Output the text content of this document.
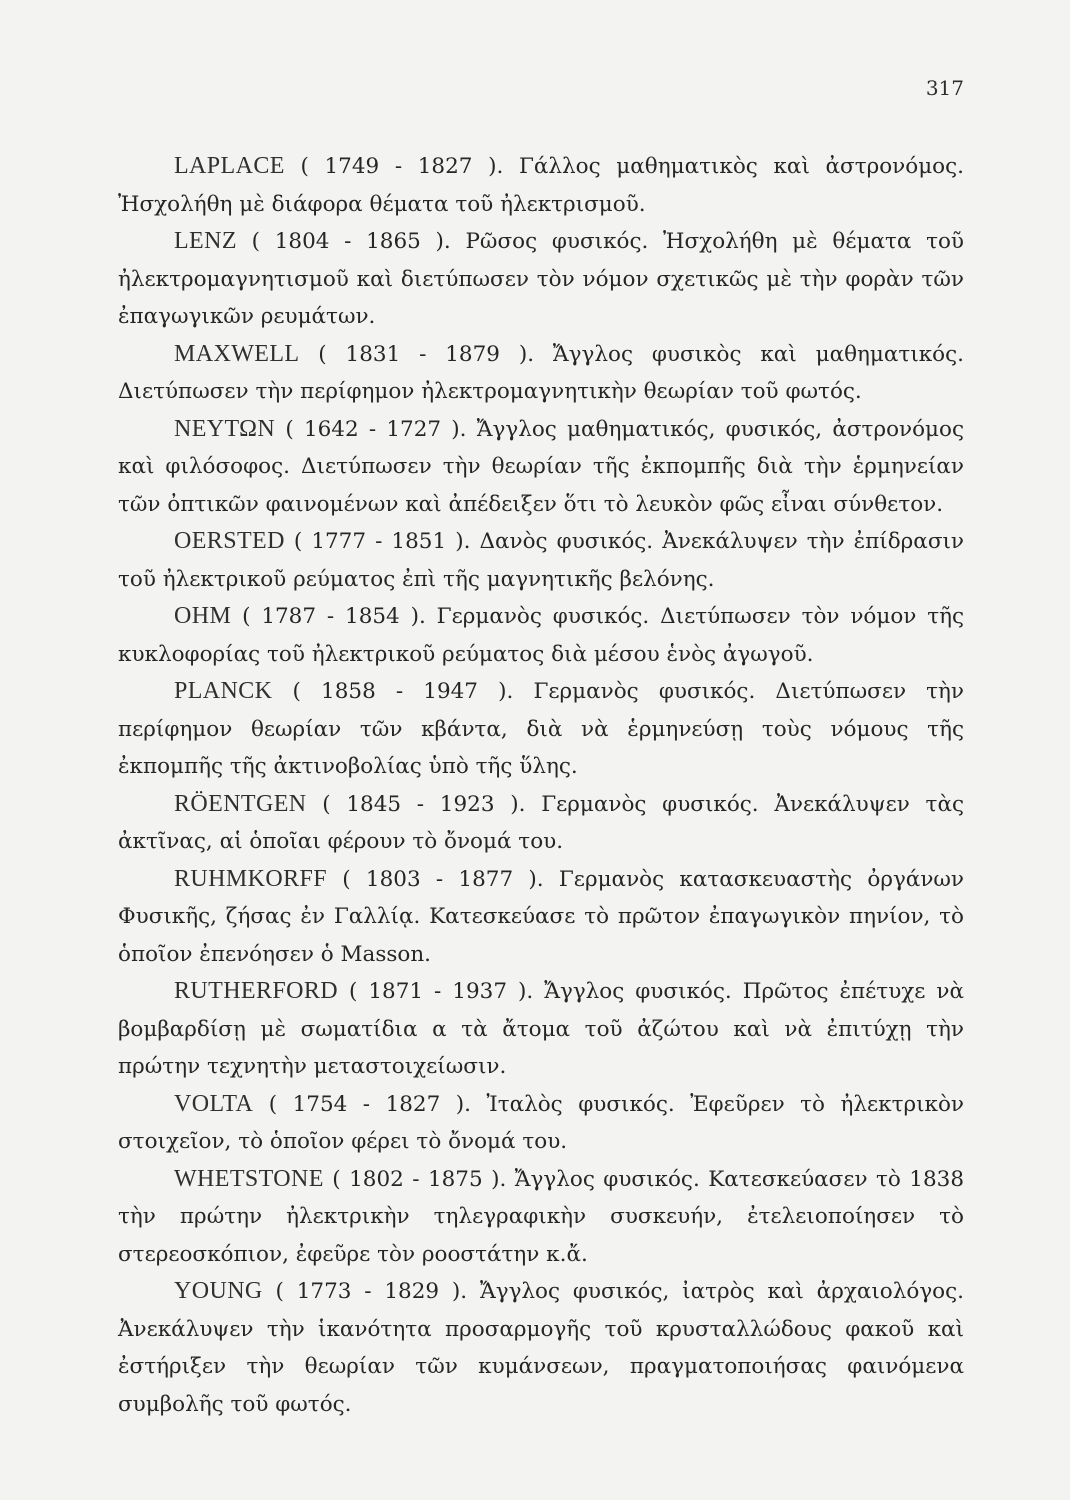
317

LAPLACE ( 1749 - 1827 ). Γάλλος μαθηματικὸς καὶ ἀστρονόμος. Ἠσχολήθη μὲ διάφορα θέματα τοῦ ἠλεκτρισμοῦ.

LENZ ( 1804 - 1865 ). Ρῶσος φυσικός. Ἠσχολήθη μὲ θέματα τοῦ ἠλεκτρομαγνητισμοῦ καὶ διετύπωσεν τὸν νόμον σχετικῶς μὲ τὴν φορὰν τῶν ἐπαγωγικῶν ρευμάτων.

MAXWELL ( 1831 - 1879 ). Ἄγγλος φυσικὸς καὶ μαθηματικός. Διετύπωσεν τὴν περίφημον ἠλεκτρομαγνητικὴν θεωρίαν τοῦ φωτός.

ΝΕΥΤΩΝ ( 1642 - 1727 ). Ἄγγλος μαθηματικός, φυσικός, ἀστρονόμος καὶ φιλόσοφος. Διετύπωσεν τὴν θεωρίαν τῆς ἐκπομπῆς διὰ τὴν ἑρμηνείαν τῶν ὀπτικῶν φαινομένων καὶ ἀπέδειξεν ὅτι τὸ λευκὸν φῶς εἶναι σύνθετον.

OERSTED ( 1777 - 1851 ). Δανὸς φυσικός. Ἀνεκάλυψεν τὴν ἐπίδρασιν τοῦ ἠλεκτρικοῦ ρεύματος ἐπὶ τῆς μαγνητικῆς βελόνης.

OHM ( 1787 - 1854 ). Γερμανὸς φυσικός. Διετύπωσεν τὸν νόμον τῆς κυκλοφορίας τοῦ ἠλεκτρικοῦ ρεύματος διὰ μέσου ἑνὸς ἀγωγοῦ.

PLANCK ( 1858 - 1947 ). Γερμανὸς φυσικός. Διετύπωσεν τὴν περίφημον θεωρίαν τῶν κβάντα, διὰ νὰ ἑρμηνεύσῃ τοὺς νόμους τῆς ἐκπομπῆς τῆς ἀκτινοβολίας ὑπὸ τῆς ὕλης.

RÖENTGEN ( 1845 - 1923 ). Γερμανὸς φυσικός. Ἀνεκάλυψεν τὰς ἀκτῖνας, αἱ ὁποῖαι φέρουν τὸ ὄνομά του.

RUHMKORFF ( 1803 - 1877 ). Γερμανὸς κατασκευαστὴς ὀργάνων Φυσικῆς, ζήσας ἐν Γαλλίᾳ. Κατεσκεύασε τὸ πρῶτον ἐπαγωγικὸν πηνίον, τὸ ὁποῖον ἐπενόησεν ὁ Masson.

RUTHERFORD ( 1871 - 1937 ). Ἄγγλος φυσικός. Πρῶτος ἐπέτυχε νὰ βομβαρδίσῃ μὲ σωματίδια α τὰ ἄτομα τοῦ ἀζώτου καὶ νὰ ἐπιτύχῃ τὴν πρώτην τεχνητὴν μεταστοιχείωσιν.

VOLTA ( 1754 - 1827 ). Ἰταλὸς φυσικός. Ἐφεῦρεν τὸ ἠλεκτρικὸν στοιχεῖον, τὸ ὁποῖον φέρει τὸ ὄνομά του.

WHETSTONE ( 1802 - 1875 ). Ἄγγλος φυσικός. Κατεσκεύασεν τὸ 1838 τὴν πρώτην ἠλεκτρικὴν τηλεγραφικὴν συσκευήν, ἐτελειοποίησεν τὸ στερεοσκόπιον, ἐφεῦρε τὸν ροοστάτην κ.ἄ.

YOUNG ( 1773 - 1829 ). Ἄγγλος φυσικός, ἰατρὸς καὶ ἀρχαιολόγος. Ἀνεκάλυψεν τὴν ἱκανότητα προσαρμογῆς τοῦ κρυσταλλώδους φακοῦ καὶ ἐστήριξεν τὴν θεωρίαν τῶν κυμάνσεων, πραγματοποιήσας φαινόμενα συμβολῆς τοῦ φωτός.
